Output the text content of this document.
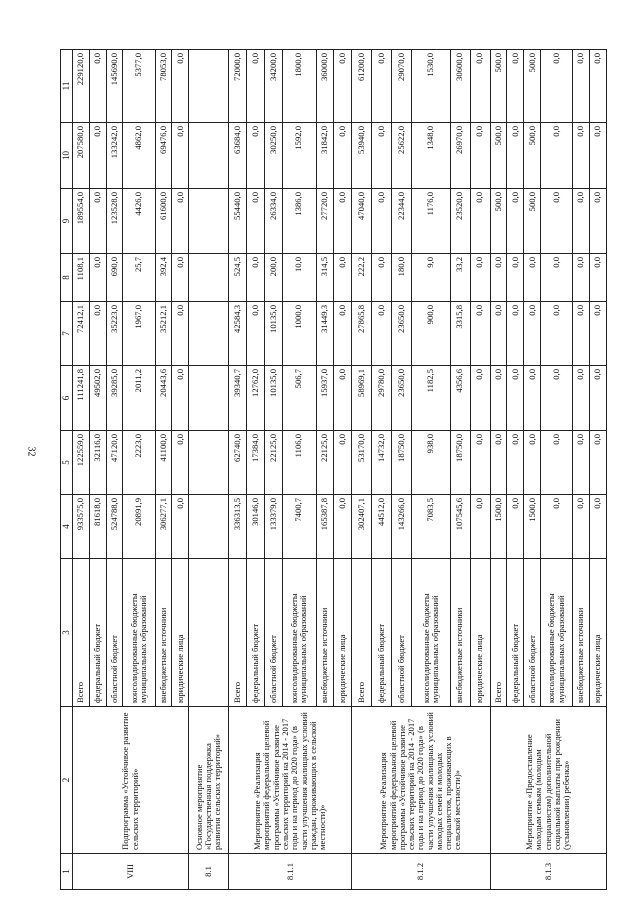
32
1	2	3	4	5	6	7	8	9	10	11
VIII	Подпрограмма «Устойчивое развитие сельских территорий»	Всего	933575,0	122559,0	111241,8	72412,1	1108,1	189554,0	207580,0	229120,0
		федеральный бюджет	81618,0	32116,0	49502,0	0,0	0,0	0,0	0,0	0,0
		областной бюджет	524788,0	47120,0	39285,0	35223,0	690,0	123528,0	133242,0	145690,0
		консолидированные бюджеты муниципальных образований	20891,9	2223,0	2011,2	1967,0	25,7	4426,0	4862,0	5377,0
		внебюджетные источники	306277,1	41100,0	20443,6	35212,1	392,4	61600,0	69476,0	78053,0
		юридические лица	0,0	0,0	0,0	0,0	0,0	0,0	0,0	0,0
8.1	Основное мероприятие «Государственная поддержка развития сельских территорий»									
8.1.1	Мероприятие «Реализация мероприятий федеральной целевой программы «Устойчивое развитие сельских территорий на 2014 - 2017 годы и на период до 2020 года» (в части улучшения жилищных условий граждан, проживающих в сельской местности)»	Всего	336313,5	62740,0	39340,7	42584,3	524,5	55440,0	63684,0	72000,0
		федеральный бюджет	30146,0	17384,0	12762,0	0,0	0,0	0,0	0,0	0,0
		областной бюджет	133379,0	22125,0	10135,0	10135,0	200,0	26334,0	30250,0	34200,0
		консолидированные бюджеты муниципальных образований	7400,7	1106,0	506,7	1000,0	10,0	1386,0	1592,0	1800,0
		внебюджетные источники	165387,8	22125,0	15937,0	31449,3	314,5	27720,0	31842,0	36000,0
		юридические лица	0,0	0,0	0,0	0,0	0,0	0,0	0,0	0,0
8.1.2	Мероприятие «Реализация мероприятий федеральной целевой программы «Устойчивое развитие сельских территорий на 2014 - 2017 годы и на период до 2020 года» (в части улучшения жилищных условий молодых семей и молодых специалистов, проживающих в сельской местности)»	Всего	302407,1	53170,0	58969,1	27865,8	222,2	47040,0	53940,0	61200,0
		федеральный бюджет	44512,0	14732,0	29780,0	0,0	0,0	0,0	0,0	0,0
		областной бюджет	143266,0	18750,0	23650,0	23650,0	180,0	22344,0	25622,0	29070,0
		консолидированные бюджеты муниципальных образований	7083,5	938,0	1182,5	900,0	9,0	1176,0	1348,0	1530,0
		внебюджетные источники	107545,6	18750,0	4356,6	3315,8	33,2	23520,0	26970,0	30600,0
		юридические лица	0,0	0,0	0,0	0,0	0,0	0,0	0,0	0,0
8.1.3	Мероприятие «Предоставление молодым семьям (молодым специалистам) дополнительной социальной выплаты при рождении (усыновлении) ребенка»	Всего	1500,0	0,0	0,0	0,0	0,0	500,0	500,0	500,0
		федеральный бюджет	0,0	0,0	0,0	0,0	0,0	0,0	0,0	0,0
		областной бюджет	1500,0	0,0	0,0	0,0	0,0	500,0	500,0	500,0
		консолидированные бюджеты муниципальных образований	0,0	0,0	0,0	0,0	0,0	0,0	0,0	0,0
		внебюджетные источники	0,0	0,0	0,0	0,0	0,0	0,0	0,0	0,0
		юридические лица	0,0	0,0	0,0	0,0	0,0	0,0	0,0	0,0
